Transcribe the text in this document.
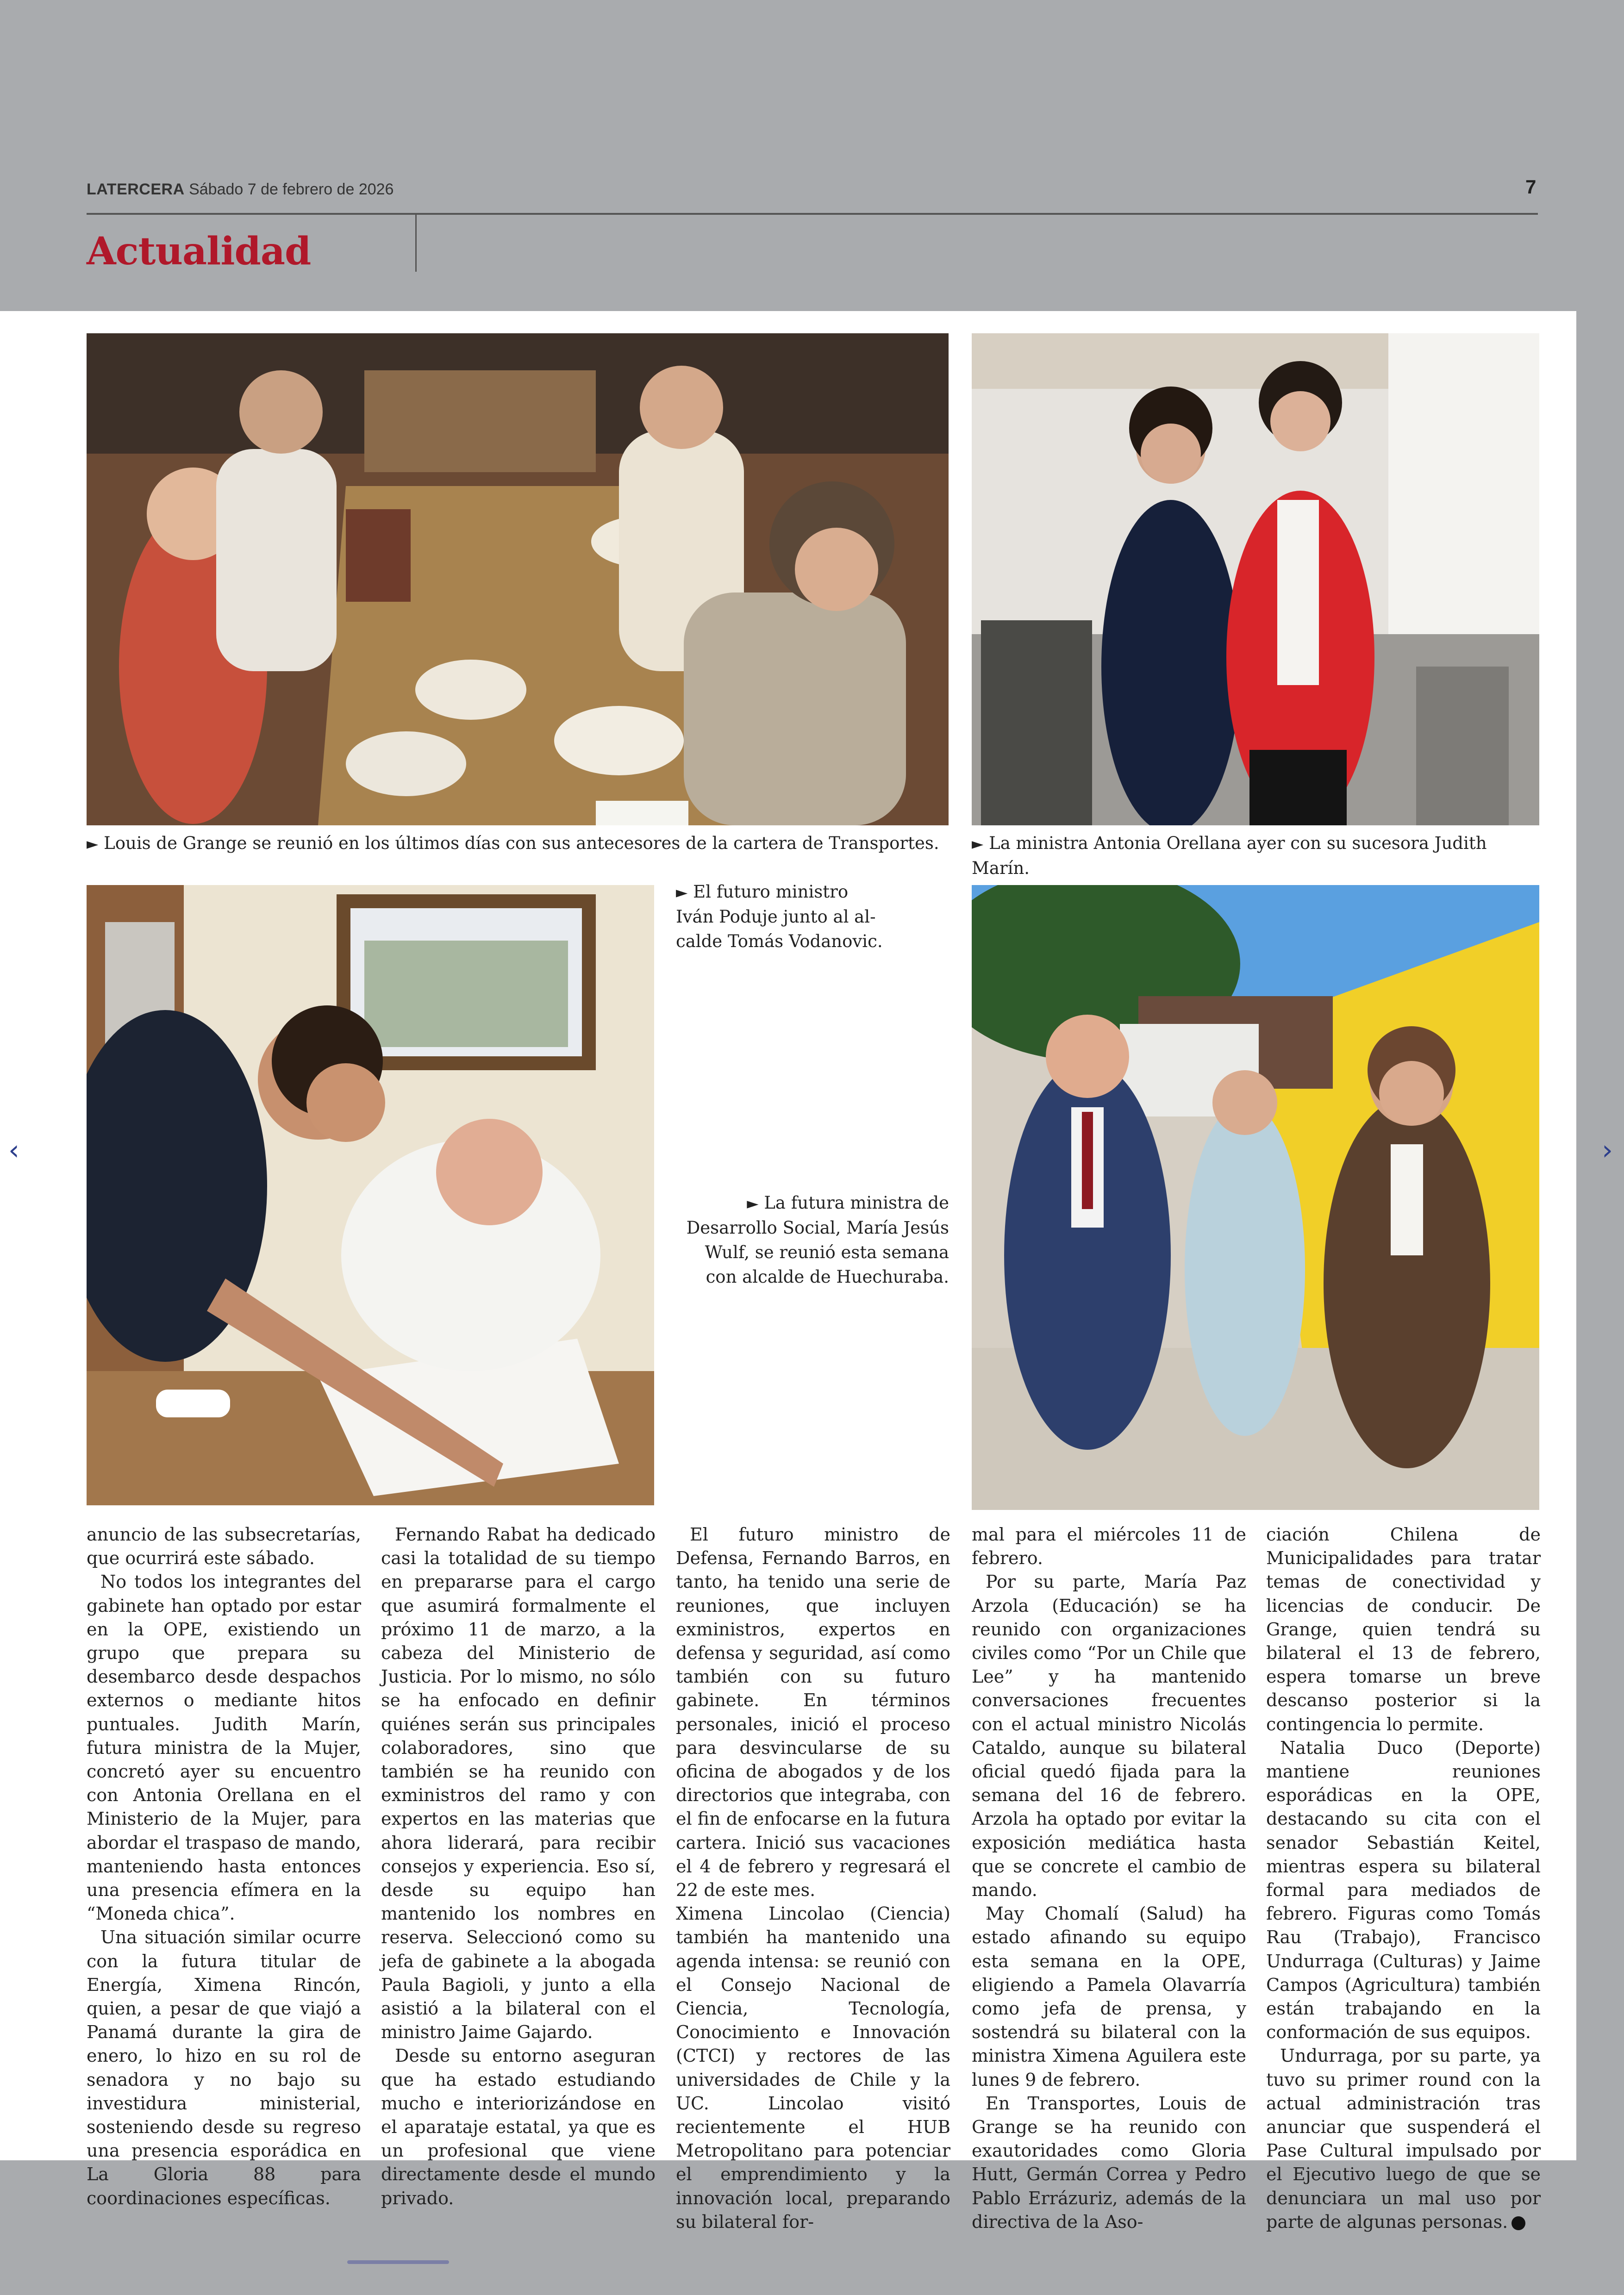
LATERCERA Sábado 7 de febrero de 2026	7
Actualidad
► Louis de Grange se reunió en los últimos días con sus antecesores de la cartera de Transportes.	► La ministra Antonia Orellana ayer con su sucesora Judith Marín.
► El futuro ministro
Iván Poduje junto al al-
calde Tomás Vodanovic.
► La futura ministra de
Desarrollo Social, María Jesús
Wulf, se reunió esta semana
con alcalde de Huechuraba.

anuncio de las subsecretarías, que ocurrirá este sábado.

No todos los integrantes del gabinete han optado por estar en la OPE, existiendo un grupo que prepara su desembarco desde despachos externos o mediante hitos puntuales. Judith Marín, futura ministra de la Mujer, concretó ayer su encuentro con Antonia Orellana en el Ministerio de la Mujer, para abordar el traspaso de mando, manteniendo hasta entonces una presencia efímera en la “Moneda chica”.

Una situación similar ocurre con la futura titular de Energía, Ximena Rincón, quien, a pesar de que viajó a Panamá durante la gira de enero, lo hizo en su rol de senadora y no bajo su investidura ministerial, sosteniendo desde su regreso una presencia esporádica en La Gloria 88 para coordinaciones específicas.

Fernando Rabat ha dedicado casi la totalidad de su tiempo en prepararse para el cargo que asumirá formalmente el próximo 11 de marzo, a la cabeza del Ministerio de Justicia. Por lo mismo, no sólo se ha enfocado en definir quiénes serán sus principales colaboradores, sino que también se ha reunido con exministros del ramo y con expertos en las materias que ahora liderará, para recibir consejos y experiencia. Eso sí, desde su equipo han mantenido los nombres en reserva. Seleccionó como su jefa de gabinete a la abogada Paula Bagioli, y junto a ella asistió a la bilateral con el ministro Jaime Gajardo.

Desde su entorno aseguran que ha estado estudiando mucho e interiorizándose en el aparataje estatal, ya que es un profesional que viene directamente desde el mundo privado.

El futuro ministro de Defensa, Fernando Barros, en tanto, ha tenido una serie de reuniones, que incluyen exministros, expertos en defensa y seguridad, así como también con su futuro gabinete. En términos personales, inició el proceso para desvincularse de su oficina de abogados y de los directorios que integraba, con el fin de enfocarse en la futura cartera. Inició sus vacaciones el 4 de febrero y regresará el 22 de este mes.

Ximena Lincolao (Ciencia) también ha mantenido una agenda intensa: se reunió con el Consejo Nacional de Ciencia, Tecnología, Conocimiento e Innovación (CTCI) y rectores de las universidades de Chile y la UC. Lincolao visitó recientemente el HUB Metropolitano para potenciar el emprendimiento y la innovación local, preparando su bilateral for-

mal para el miércoles 11 de febrero.

Por su parte, María Paz Arzola (Educación) se ha reunido con organizaciones civiles como “Por un Chile que Lee” y ha mantenido conversaciones frecuentes con el actual ministro Nicolás Cataldo, aunque su bilateral oficial quedó fijada para la semana del 16 de febrero. Arzola ha optado por evitar la exposición mediática hasta que se concrete el cambio de mando.

May Chomalí (Salud) ha estado afinando su equipo esta semana en la OPE, eligiendo a Pamela Olavarría como jefa de prensa, y sostendrá su bilateral con la ministra Ximena Aguilera este lunes 9 de febrero.

En Transportes, Louis de Grange se ha reunido con exautoridades como Gloria Hutt, Germán Correa y Pedro Pablo Errázuriz, además de la directiva de la Aso-

ciación Chilena de Municipalidades para tratar temas de conectividad y licencias de conducir. De Grange, quien tendrá su bilateral el 13 de febrero, espera tomarse un breve descanso posterior si la contingencia lo permite.

Natalia Duco (Deporte) mantiene reuniones esporádicas en la OPE, destacando su cita con el senador Sebastián Keitel, mientras espera su bilateral formal para mediados de febrero. Figuras como Tomás Rau (Trabajo), Francisco Undurraga (Culturas) y Jaime Campos (Agricultura) también están trabajando en la conformación de sus equipos.

Undurraga, por su parte, ya tuvo su primer round con la actual administración tras anunciar que suspenderá el Pase Cultural impulsado por el Ejecutivo luego de que se denunciara un mal uso por parte de algunas personas.

‹	›
